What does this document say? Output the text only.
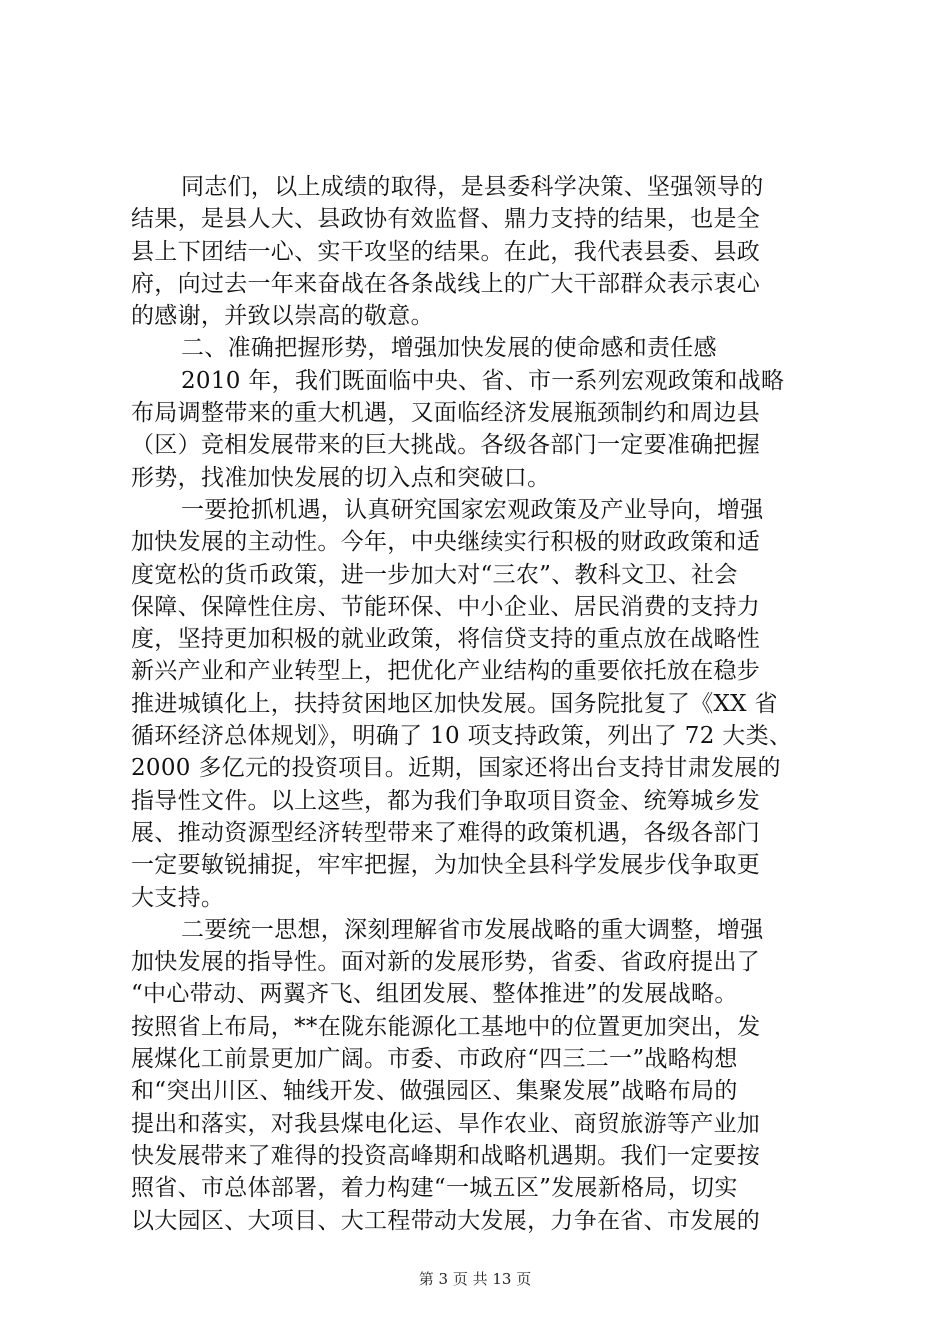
同志们，以上成绩的取得，是县委科学决策、坚强领导的
结果，是县人大、县政协有效监督、鼎力支持的结果，也是全
县上下团结一心、实干攻坚的结果。在此，我代表县委、县政
府，向过去一年来奋战在各条战线上的广大干部群众表示衷心
的感谢，并致以崇高的敬意。
二、准确把握形势，增强加快发展的使命感和责任感
2010 年，我们既面临中央、省、市一系列宏观政策和战略
布局调整带来的重大机遇，又面临经济发展瓶颈制约和周边县
（区）竞相发展带来的巨大挑战。各级各部门一定要准确把握
形势，找准加快发展的切入点和突破口。
一要抢抓机遇，认真研究国家宏观政策及产业导向，增强
加快发展的主动性。今年，中央继续实行积极的财政政策和适
度宽松的货币政策，进一步加大对“三农”、教科文卫、社会
保障、保障性住房、节能环保、中小企业、居民消费的支持力
度，坚持更加积极的就业政策，将信贷支持的重点放在战略性
新兴产业和产业转型上，把优化产业结构的重要依托放在稳步
推进城镇化上，扶持贫困地区加快发展。国务院批复了《XX 省
循环经济总体规划》，明确了 10 项支持政策，列出了 72 大类、
2000 多亿元的投资项目。近期，国家还将出台支持甘肃发展的
指导性文件。以上这些，都为我们争取项目资金、统筹城乡发
展、推动资源型经济转型带来了难得的政策机遇，各级各部门
一定要敏锐捕捉，牢牢把握，为加快全县科学发展步伐争取更
大支持。
二要统一思想，深刻理解省市发展战略的重大调整，增强
加快发展的指导性。面对新的发展形势，省委、省政府提出了
“中心带动、两翼齐飞、组团发展、整体推进”的发展战略。
按照省上布局，**在陇东能源化工基地中的位置更加突出，发
展煤化工前景更加广阔。市委、市政府“四三二一”战略构想
和“突出川区、轴线开发、做强园区、集聚发展”战略布局的
提出和落实，对我县煤电化运、旱作农业、商贸旅游等产业加
快发展带来了难得的投资高峰期和战略机遇期。我们一定要按
照省、市总体部署，着力构建“一城五区”发展新格局，切实
以大园区、大项目、大工程带动大发展，力争在省、市发展的
第 3 页 共 13 页
